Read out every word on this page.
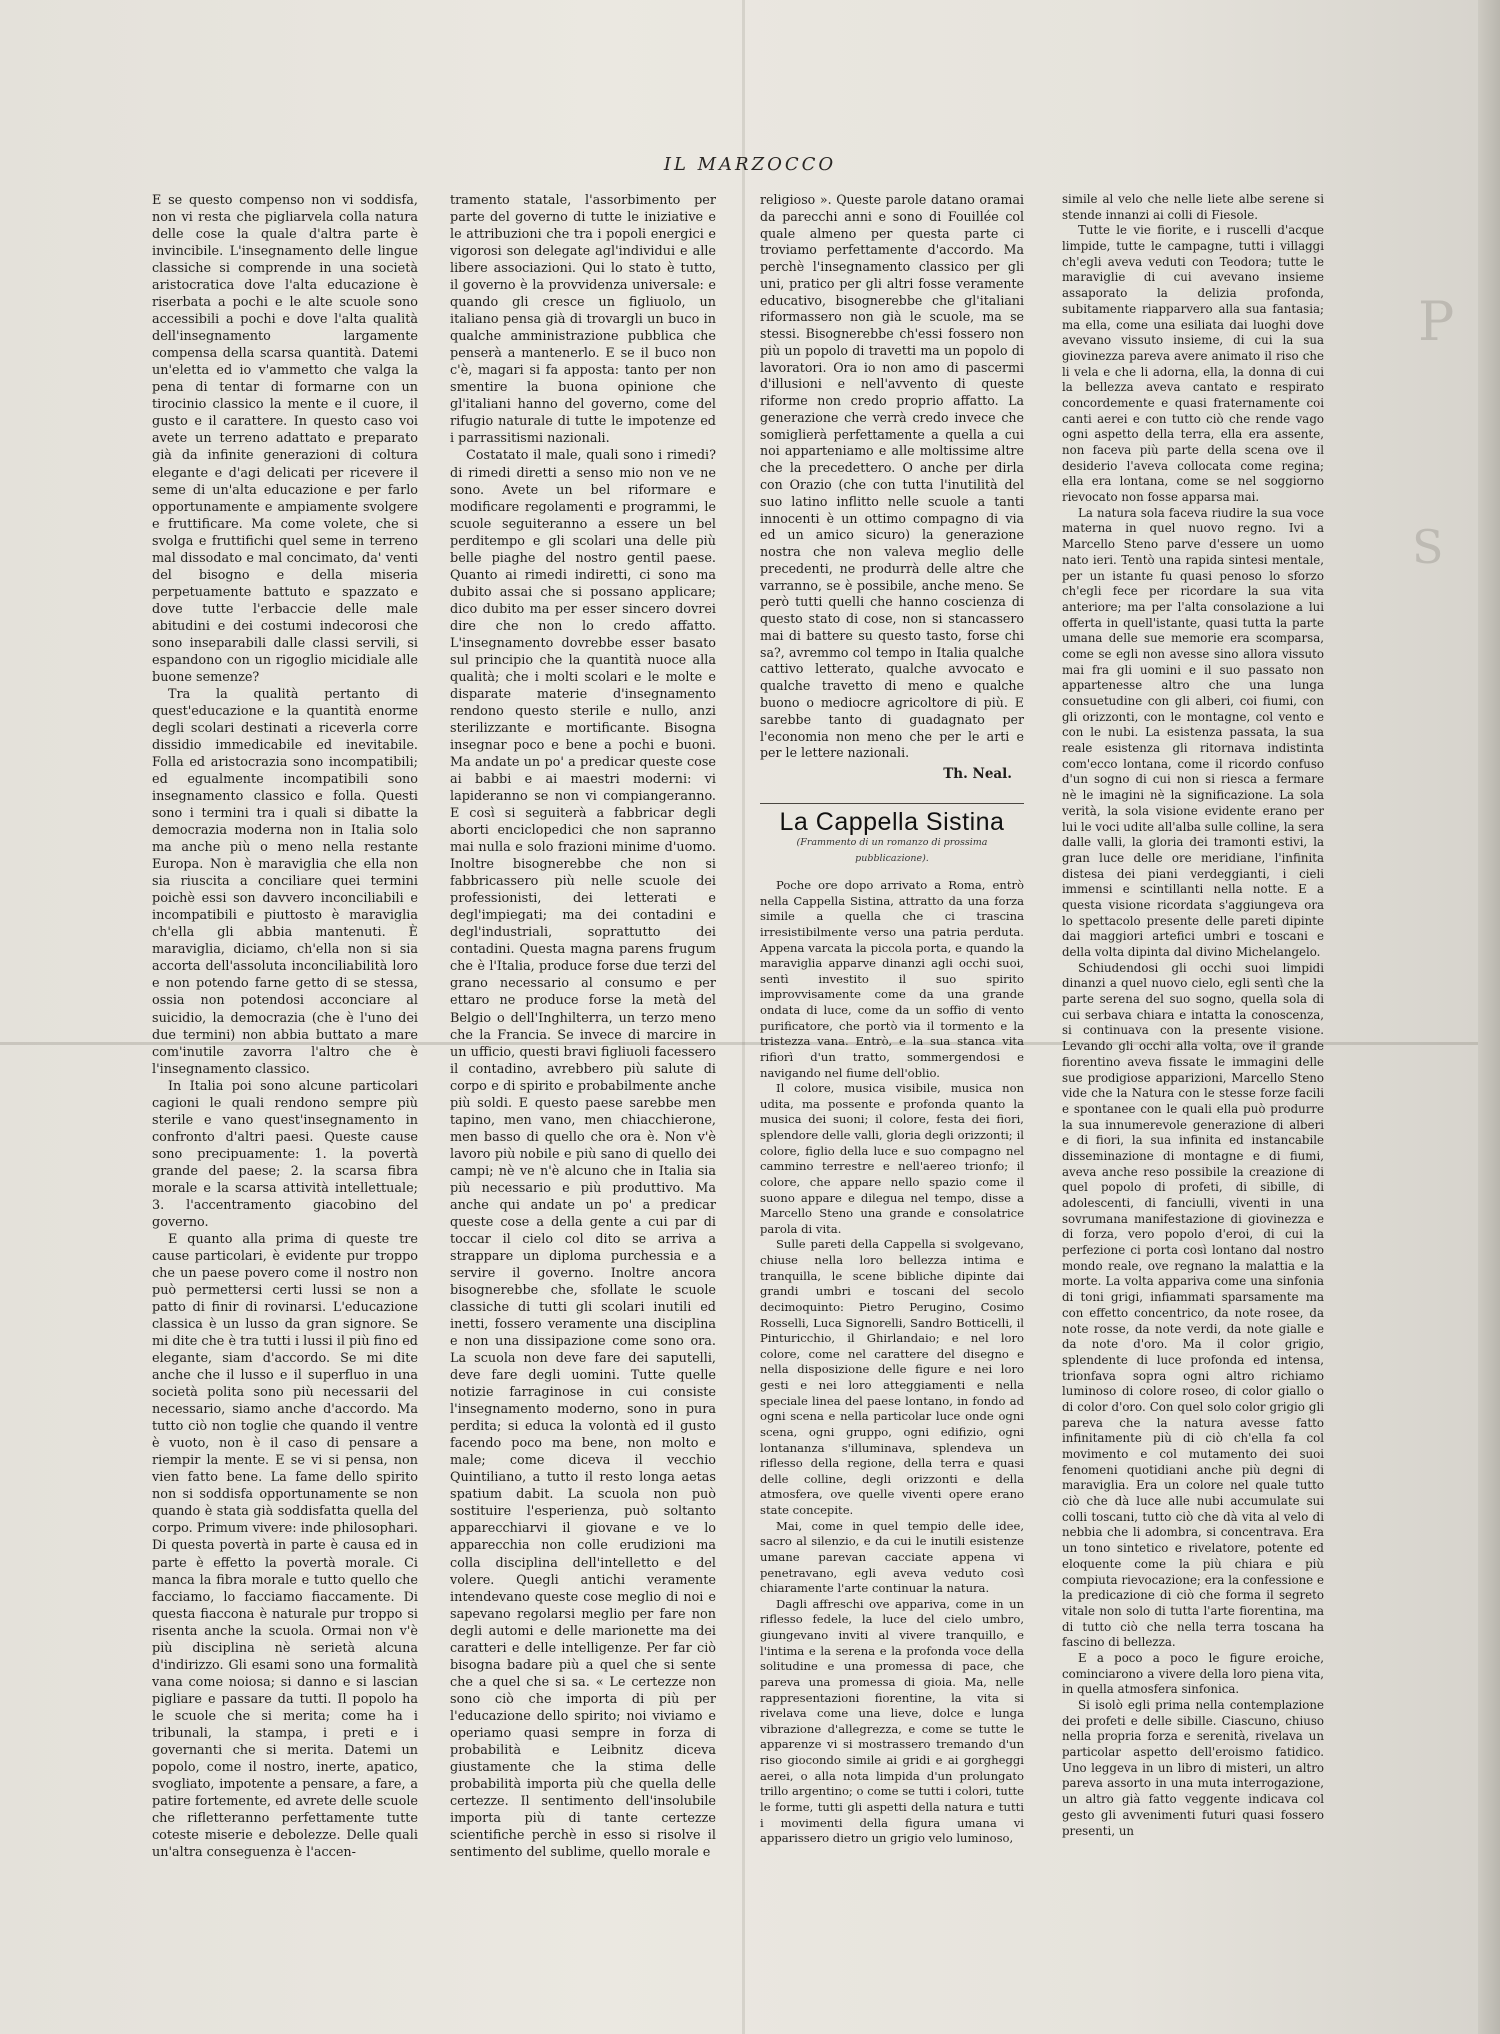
P
S
IL MARZOCCO

E se questo compenso non vi soddisfa, non vi resta che pigliarvela colla natura delle cose la quale d'altra parte è invincibile. L'insegnamento delle lingue classiche si comprende in una società aristocratica dove l'alta educazione è riserbata a pochi e le alte scuole sono accessibili a pochi e dove l'alta qualità dell'insegnamento largamente compensa della scarsa quantità. Datemi un'eletta ed io v'ammetto che valga la pena di tentar di formarne con un tirocinio classico la mente e il cuore, il gusto e il carattere. In questo caso voi avete un terreno adattato e preparato già da infinite generazioni di coltura elegante e d'agi delicati per ricevere il seme di un'alta educazione e per farlo opportunamente e ampiamente svolgere e fruttificare. Ma come volete, che si svolga e fruttifichi quel seme in terreno mal dissodato e mal concimato, da' venti del bisogno e della miseria perpetuamente battuto e spazzato e dove tutte l'erbaccie delle male abitudini e dei costumi indecorosi che sono inseparabili dalle classi servili, si espandono con un rigoglio micidiale alle buone semenze?

Tra la qualità pertanto di quest'educazione e la quantità enorme degli scolari destinati a riceverla corre dissidio immedicabile ed inevitabile. Folla ed aristocrazia sono incompatibili; ed egualmente incompatibili sono insegnamento classico e folla. Questi sono i termini tra i quali si dibatte la democrazia moderna non in Italia solo ma anche più o meno nella restante Europa. Non è maraviglia che ella non sia riuscita a conciliare quei termini poichè essi son davvero inconciliabili e incompatibili e piuttosto è maraviglia ch'ella gli abbia mantenuti. È maraviglia, diciamo, ch'ella non si sia accorta dell'assoluta inconciliabilità loro e non potendo farne getto di se stessa, ossia non potendosi acconciare al suicidio, la democrazia (che è l'uno dei due termini) non abbia buttato a mare com'inutile zavorra l'altro che è l'insegnamento classico.

In Italia poi sono alcune particolari cagioni le quali rendono sempre più sterile e vano quest'insegnamento in confronto d'altri paesi. Queste cause sono precipuamente: 1. la povertà grande del paese; 2. la scarsa fibra morale e la scarsa attività intellettuale; 3. l'accentramento giacobino del governo.

E quanto alla prima di queste tre cause particolari, è evidente pur troppo che un paese povero come il nostro non può permettersi certi lussi se non a patto di finir di rovinarsi. L'educazione classica è un lusso da gran signore. Se mi dite che è tra tutti i lussi il più fino ed elegante, siam d'accordo. Se mi dite anche che il lusso e il superfluo in una società polita sono più necessarii del necessario, siamo anche d'accordo. Ma tutto ciò non toglie che quando il ventre è vuoto, non è il caso di pensare a riempir la mente. E se vi si pensa, non vien fatto bene. La fame dello spirito non si soddisfa opportunamente se non quando è stata già soddisfatta quella del corpo. Primum vivere: inde philosophari. Di questa povertà in parte è causa ed in parte è effetto la povertà morale. Ci manca la fibra morale e tutto quello che facciamo, lo facciamo fiaccamente. Di questa fiaccona è naturale pur troppo si risenta anche la scuola. Ormai non v'è più disciplina nè serietà alcuna d'indirizzo. Gli esami sono una formalità vana come noiosa; si danno e si lascian pigliare e passare da tutti. Il popolo ha le scuole che si merita; come ha i tribunali, la stampa, i preti e i governanti che si merita. Datemi un popolo, come il nostro, inerte, apatico, svogliato, impotente a pensare, a fare, a patire fortemente, ed avrete delle scuole che rifletteranno perfettamente tutte coteste miserie e debolezze. Delle quali un'altra conseguenza è l'accen-

tramento statale, l'assorbimento per parte del governo di tutte le iniziative e le attribuzioni che tra i popoli energici e vigorosi son delegate agl'individui e alle libere associazioni. Qui lo stato è tutto, il governo è la provvidenza universale: e quando gli cresce un figliuolo, un italiano pensa già di trovargli un buco in qualche amministrazione pubblica che penserà a mantenerlo. E se il buco non c'è, magari si fa apposta: tanto per non smentire la buona opinione che gl'italiani hanno del governo, come del rifugio naturale di tutte le impotenze ed i parrassitismi nazionali.

Costatato il male, quali sono i rimedi? di rimedi diretti a senso mio non ve ne sono. Avete un bel riformare e modificare regolamenti e programmi, le scuole seguiteranno a essere un bel perditempo e gli scolari una delle più belle piaghe del nostro gentil paese. Quanto ai rimedi indiretti, ci sono ma dubito assai che si possano applicare; dico dubito ma per esser sincero dovrei dire che non lo credo affatto. L'insegnamento dovrebbe esser basato sul principio che la quantità nuoce alla qualità; che i molti scolari e le molte e disparate materie d'insegnamento rendono questo sterile e nullo, anzi sterilizzante e mortificante. Bisogna insegnar poco e bene a pochi e buoni. Ma andate un po' a predicar queste cose ai babbi e ai maestri moderni: vi lapideranno se non vi compiangeranno. E così si seguiterà a fabbricar degli aborti enciclopedici che non sapranno mai nulla e solo frazioni minime d'uomo. Inoltre bisognerebbe che non si fabbricassero più nelle scuole dei professionisti, dei letterati e degl'impiegati; ma dei contadini e degl'industriali, soprattutto dei contadini. Questa magna parens frugum che è l'Italia, produce forse due terzi del grano necessario al consumo e per ettaro ne produce forse la metà del Belgio o dell'Inghilterra, un terzo meno che la Francia. Se invece di marcire in un ufficio, questi bravi figliuoli facessero il contadino, avrebbero più salute di corpo e di spirito e probabilmente anche più soldi. E questo paese sarebbe men tapino, men vano, men chiacchierone, men basso di quello che ora è. Non v'è lavoro più nobile e più sano di quello dei campi; nè ve n'è alcuno che in Italia sia più necessario e più produttivo. Ma anche qui andate un po' a predicar queste cose a della gente a cui par di toccar il cielo col dito se arriva a strappare un diploma purchessia e a servire il governo. Inoltre ancora bisognerebbe che, sfollate le scuole classiche di tutti gli scolari inutili ed inetti, fossero veramente una disciplina e non una dissipazione come sono ora. La scuola non deve fare dei saputelli, deve fare degli uomini. Tutte quelle notizie farraginose in cui consiste l'insegnamento moderno, sono in pura perdita; si educa la volontà ed il gusto facendo poco ma bene, non molto e male; come diceva il vecchio Quintiliano, a tutto il resto longa aetas spatium dabit. La scuola non può sostituire l'esperienza, può soltanto apparecchiarvi il giovane e ve lo apparecchia non colle erudizioni ma colla disciplina dell'intelletto e del volere. Quegli antichi veramente intendevano queste cose meglio di noi e sapevano regolarsi meglio per fare non degli automi e delle marionette ma dei caratteri e delle intelligenze. Per far ciò bisogna badare più a quel che si sente che a quel che si sa. « Le certezze non sono ciò che importa di più per l'educazione dello spirito; noi viviamo e operiamo quasi sempre in forza di probabilità e Leibnitz diceva giustamente che la stima delle probabilità importa più che quella delle certezze. Il sentimento dell'insolubile importa più di tante certezze scientifiche perchè in esso si risolve il sentimento del sublime, quello morale e

religioso ». Queste parole datano oramai da parecchi anni e sono di Fouillée col quale almeno per questa parte ci troviamo perfettamente d'accordo. Ma perchè l'insegnamento classico per gli uni, pratico per gli altri fosse veramente educativo, bisognerebbe che gl'italiani riformassero non già le scuole, ma se stessi. Bisognerebbe ch'essi fossero non più un popolo di travetti ma un popolo di lavoratori. Ora io non amo di pascermi d'illusioni e nell'avvento di queste riforme non credo proprio affatto. La generazione che verrà credo invece che somiglierà perfettamente a quella a cui noi apparteniamo e alle moltissime altre che la precedettero. O anche per dirla con Orazio (che con tutta l'inutilità del suo latino inflitto nelle scuole a tanti innocenti è un ottimo compagno di via ed un amico sicuro) la generazione nostra che non valeva meglio delle precedenti, ne produrrà delle altre che varranno, se è possibile, anche meno. Se però tutti quelli che hanno coscienza di questo stato di cose, non si stancassero mai di battere su questo tasto, forse chi sa?, avremmo col tempo in Italia qualche cattivo letterato, qualche avvocato e qualche travetto di meno e qualche buono o mediocre agricoltore di più. E sarebbe tanto di guadagnato per l'economia non meno che per le arti e per le lettere nazionali.

Th. Neal.
La Cappella Sistina
(Frammento di un romanzo di prossima pubblicazione).

Poche ore dopo arrivato a Roma, entrò nella Cappella Sistina, attratto da una forza simile a quella che ci trascina irresistibilmente verso una patria perduta. Appena varcata la piccola porta, e quando la maraviglia apparve dinanzi agli occhi suoi, sentì investito il suo spirito improvvisamente come da una grande ondata di luce, come da un soffio di vento purificatore, che portò via il tormento e la tristezza vana. Entrò, e la sua stanca vita rifiorì d'un tratto, sommergendosi e navigando nel fiume dell'oblio.

Il colore, musica visibile, musica non udita, ma possente e profonda quanto la musica dei suoni; il colore, festa dei fiori, splendore delle valli, gloria degli orizzonti; il colore, figlio della luce e suo compagno nel cammino terrestre e nell'aereo trionfo; il colore, che appare nello spazio come il suono appare e dilegua nel tempo, disse a Marcello Steno una grande e consolatrice parola di vita.

Sulle pareti della Cappella si svolgevano, chiuse nella loro bellezza intima e tranquilla, le scene bibliche dipinte dai grandi umbri e toscani del secolo decimoquinto: Pietro Perugino, Cosimo Rosselli, Luca Signorelli, Sandro Botticelli, il Pinturicchio, il Ghirlandaio; e nel loro colore, come nel carattere del disegno e nella disposizione delle figure e nei loro gesti e nei loro atteggiamenti e nella speciale linea del paese lontano, in fondo ad ogni scena e nella particolar luce onde ogni scena, ogni gruppo, ogni edifizio, ogni lontananza s'illuminava, splendeva un riflesso della regione, della terra e quasi delle colline, degli orizzonti e della atmosfera, ove quelle viventi opere erano state concepite.

Mai, come in quel tempio delle idee, sacro al silenzio, e da cui le inutili esistenze umane parevan cacciate appena vi penetravano, egli aveva veduto così chiaramente l'arte continuar la natura.

Dagli affreschi ove appariva, come in un riflesso fedele, la luce del cielo umbro, giungevano inviti al vivere tranquillo, e l'intima e la serena e la profonda voce della solitudine e una promessa di pace, che pareva una promessa di gioia. Ma, nelle rappresentazioni fiorentine, la vita si rivelava come una lieve, dolce e lunga vibrazione d'allegrezza, e come se tutte le apparenze vi si mostrassero tremando d'un riso giocondo simile ai gridi e ai gorgheggi aerei, o alla nota limpida d'un prolungato trillo argentino; o come se tutti i colori, tutte le forme, tutti gli aspetti della natura e tutti i movimenti della figura umana vi apparissero dietro un grigio velo luminoso,

simile al velo che nelle liete albe serene si stende innanzi ai colli di Fiesole.

Tutte le vie fiorite, e i ruscelli d'acque limpide, tutte le campagne, tutti i villaggi ch'egli aveva veduti con Teodora; tutte le maraviglie di cui avevano insieme assaporato la delizia profonda, subitamente riapparvero alla sua fantasia; ma ella, come una esiliata dai luoghi dove avevano vissuto insieme, di cui la sua giovinezza pareva avere animato il riso che li vela e che li adorna, ella, la donna di cui la bellezza aveva cantato e respirato concordemente e quasi fraternamente coi canti aerei e con tutto ciò che rende vago ogni aspetto della terra, ella era assente, non faceva più parte della scena ove il desiderio l'aveva collocata come regina; ella era lontana, come se nel soggiorno rievocato non fosse apparsa mai.

La natura sola faceva riudire la sua voce materna in quel nuovo regno. Ivi a Marcello Steno parve d'essere un uomo nato ieri. Tentò una rapida sintesi mentale, per un istante fu quasi penoso lo sforzo ch'egli fece per ricordare la sua vita anteriore; ma per l'alta consolazione a lui offerta in quell'istante, quasi tutta la parte umana delle sue memorie era scomparsa, come se egli non avesse sino allora vissuto mai fra gli uomini e il suo passato non appartenesse altro che una lunga consuetudine con gli alberi, coi fiumi, con gli orizzonti, con le montagne, col vento e con le nubi. La esistenza passata, la sua reale esistenza gli ritornava indistinta com'ecco lontana, come il ricordo confuso d'un sogno di cui non si riesca a fermare nè le imagini nè la significazione. La sola verità, la sola visione evidente erano per lui le voci udite all'alba sulle colline, la sera dalle valli, la gloria dei tramonti estivi, la gran luce delle ore meridiane, l'infinita distesa dei piani verdeggianti, i cieli immensi e scintillanti nella notte. E a questa visione ricordata s'aggiungeva ora lo spettacolo presente delle pareti dipinte dai maggiori artefici umbri e toscani e della volta dipinta dal divino Michelangelo.

Schiudendosi gli occhi suoi limpidi dinanzi a quel nuovo cielo, egli sentì che la parte serena del suo sogno, quella sola di cui serbava chiara e intatta la conoscenza, si continuava con la presente visione. Levando gli occhi alla volta, ove il grande fiorentino aveva fissate le immagini delle sue prodigiose apparizioni, Marcello Steno vide che la Natura con le stesse forze facili e spontanee con le quali ella può produrre la sua innumerevole generazione di alberi e di fiori, la sua infinita ed instancabile disseminazione di montagne e di fiumi, aveva anche reso possibile la creazione di quel popolo di profeti, di sibille, di adolescenti, di fanciulli, viventi in una sovrumana manifestazione di giovinezza e di forza, vero popolo d'eroi, di cui la perfezione ci porta così lontano dal nostro mondo reale, ove regnano la malattia e la morte. La volta appariva come una sinfonia di toni grigi, infiammati sparsamente ma con effetto concentrico, da note rosee, da note rosse, da note verdi, da note gialle e da note d'oro. Ma il color grigio, splendente di luce profonda ed intensa, trionfava sopra ogni altro richiamo luminoso di colore roseo, di color giallo o di color d'oro. Con quel solo color grigio gli pareva che la natura avesse fatto infinitamente più di ciò ch'ella fa col movimento e col mutamento dei suoi fenomeni quotidiani anche più degni di maraviglia. Era un colore nel quale tutto ciò che dà luce alle nubi accumulate sui colli toscani, tutto ciò che dà vita al velo di nebbia che li adombra, si concentrava. Era un tono sintetico e rivelatore, potente ed eloquente come la più chiara e più compiuta rievocazione; era la confessione e la predicazione di ciò che forma il segreto vitale non solo di tutta l'arte fiorentina, ma di tutto ciò che nella terra toscana ha fascino di bellezza.

E a poco a poco le figure eroiche, cominciarono a vivere della loro piena vita, in quella atmosfera sinfonica.

Si isolò egli prima nella contemplazione dei profeti e delle sibille. Ciascuno, chiuso nella propria forza e serenità, rivelava un particolar aspetto dell'eroismo fatidico. Uno leggeva in un libro di misteri, un altro pareva assorto in una muta interrogazione, un altro già fatto veggente indicava col gesto gli avvenimenti futuri quasi fossero presenti, un
